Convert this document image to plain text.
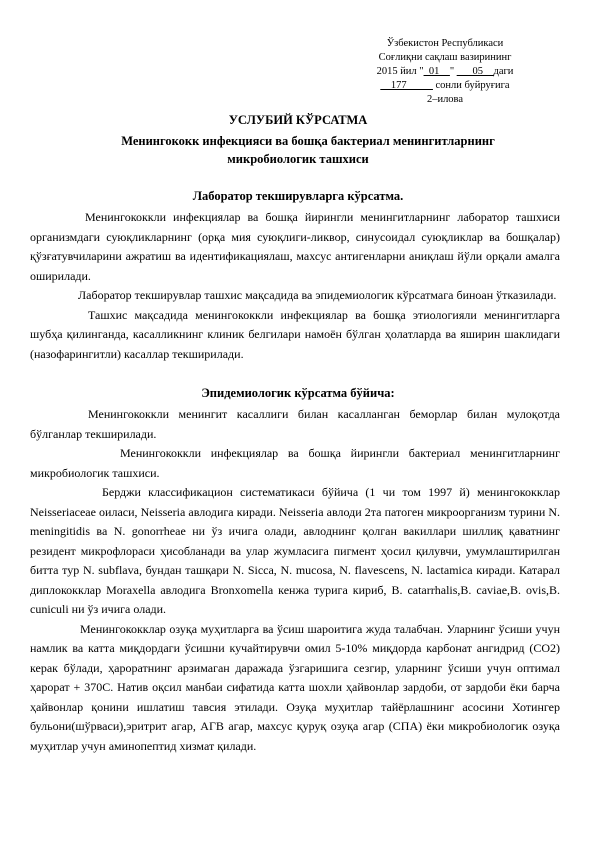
Ўзбекистон Республикаси
Соғлиқни сақлаш вазирининг
2015 йил "_01__" ___05__даги
__177_____ сонли буйруғига
2–илова
УСЛУБИЙ КЎРСАТМА
Менингококк инфекцияси ва бошқа бактериал менингитларнинг
микробиологик ташхиси
Лаборатор текширувларга кўрсатма.

Менингококкли инфекциялар ва бошқа йирингли менингитларнинг лаборатор ташхиси организмдаги суюқликларнинг (орқа мия суюқлиги-ликвор, синусоидал суюқликлар ва бошқалар) қўзғатувчиларини ажратиш ва идентификациялаш, махсус антигенларни аниқлаш йўли орқали амалга оширилади.

Лаборатор текширувлар ташхис мақсадида ва эпидемиологик кўрсатмага биноан ўтказилади.

Ташхис мақсадида менингококкли инфекциялар ва бошқа этиологияли менингитларга шубҳа қилинганда, касалликнинг клиник белгилари намоён бўлган ҳолатларда ва яширин шаклидаги (назофарингитли) касаллар текширилади.

Эпидемиологик кўрсатма бўйича:

Менингококкли менингит касаллиги билан касалланган беморлар билан мулоқотда бўлганлар текширилади.

Менингококкли инфекциялар ва бошқа йирингли бактериал менингитларнинг микробиологик ташхиси.

Берджи классификацион систематикаси бўйича (1 чи том 1997 й) менингококклар Neisseriaceae оиласи, Neisseria авлодига киради. Neisseria авлоди 2та патоген микроорганизм турини N. meningitidis ва N. gonorrheae ни ўз ичига олади, авлоднинг қолган вакиллари шиллиқ қаватнинг резидент микрофлораси ҳисобланади ва улар жумласига пигмент ҳосил қилувчи, умумлаштирилган битта тур N. subflava, бундан ташқари N. Sicca, N. mucosa, N. flavescens, N. lactamica киради. Катарал диплококклар Moraxella авлодига Bronxomella кенжа турига кириб, B. catarrhalis,B. caviae,B. ovis,B. cuniculi ни ўз ичига олади.

Менингококклар озуқа муҳитларга ва ўсиш шароитига жуда талабчан. Уларнинг ўсиши учун намлик ва катта миқдордаги ўсишни кучайтирувчи омил 5-10% миқдорда карбонат ангидрид (СО2) керак бўлади, ҳароратнинг арзимаган даражада ўзгаришига сезгир, уларнинг ўсиши учун оптимал ҳарорат + 370С. Натив оқсил манбаи сифатида катта шохли ҳайвонлар зардоби, от зардоби ёки барча ҳайвонлар қонини ишлатиш тавсия этилади. Озуқа муҳитлар тайёрлашнинг асосини Хотингер бульони(шўрваси),эритрит агар, АГВ агар, махсус қуруқ озуқа агар (СПА) ёки микробиологик озуқа муҳитлар учун аминопептид хизмат қилади.
